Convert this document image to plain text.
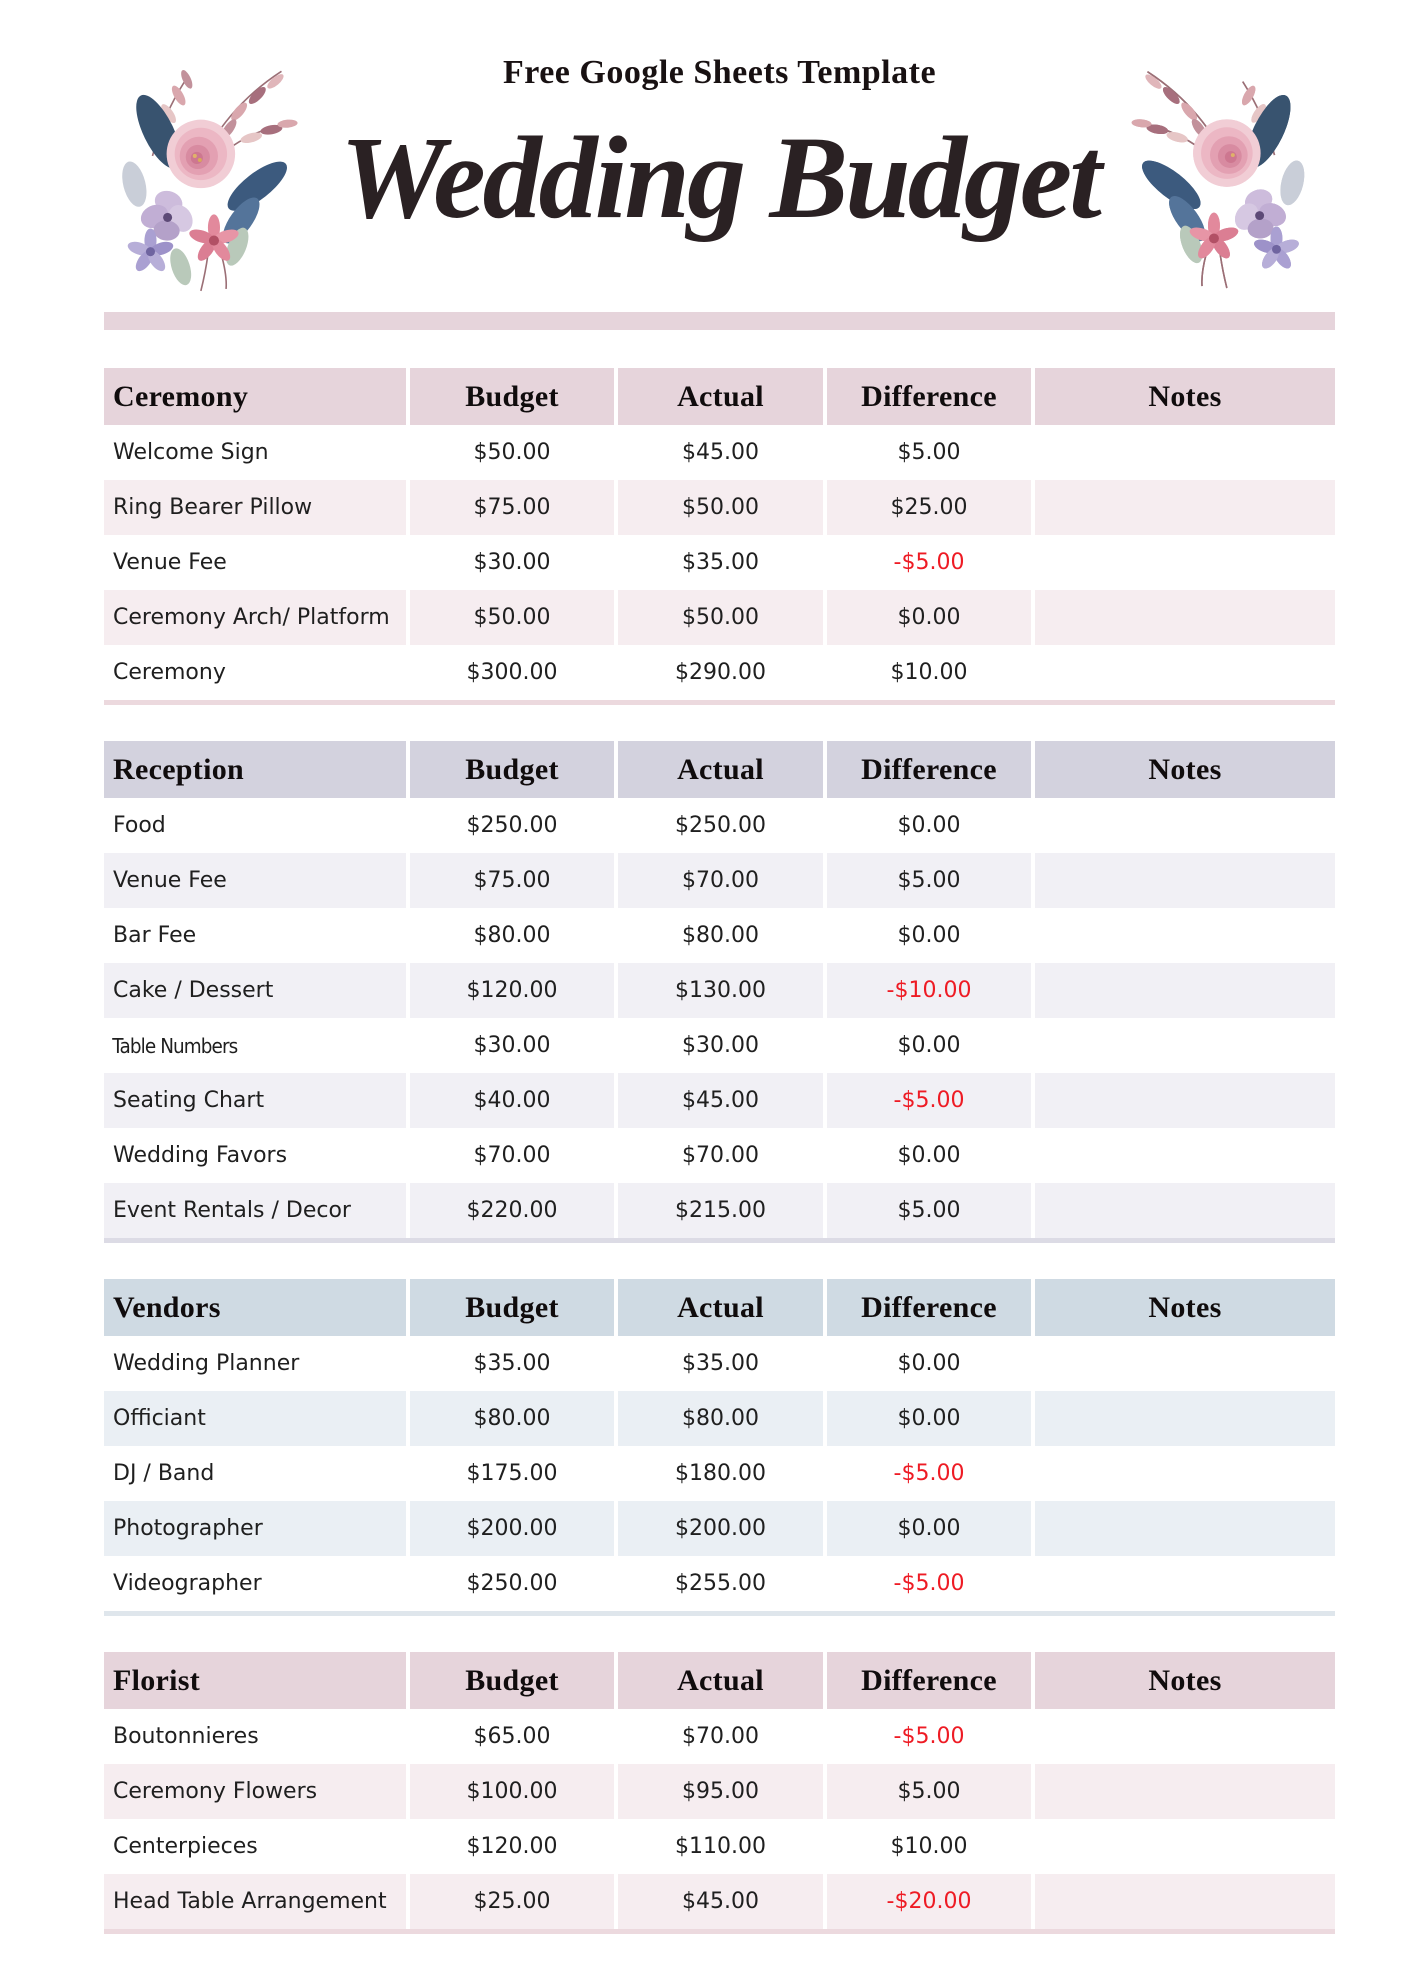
Free Google Sheets Template
Wedding Budget
Ceremony	Budget	Actual	Difference	Notes
Welcome Sign	$50.00	$45.00	$5.00
Ring Bearer Pillow	$75.00	$50.00	$25.00
Venue Fee	$30.00	$35.00	-$5.00
Ceremony Arch/ Platform	$50.00	$50.00	$0.00
Ceremony	$300.00	$290.00	$10.00
Reception	Budget	Actual	Difference	Notes
Food	$250.00	$250.00	$0.00
Venue Fee	$75.00	$70.00	$5.00
Bar Fee	$80.00	$80.00	$0.00
Cake / Dessert	$120.00	$130.00	-$10.00
Table Numbers	$30.00	$30.00	$0.00
Seating Chart	$40.00	$45.00	-$5.00
Wedding Favors	$70.00	$70.00	$0.00
Event Rentals / Decor	$220.00	$215.00	$5.00
Vendors	Budget	Actual	Difference	Notes
Wedding Planner	$35.00	$35.00	$0.00
Officiant	$80.00	$80.00	$0.00
DJ / Band	$175.00	$180.00	-$5.00
Photographer	$200.00	$200.00	$0.00
Videographer	$250.00	$255.00	-$5.00
Florist	Budget	Actual	Difference	Notes
Boutonnieres	$65.00	$70.00	-$5.00
Ceremony Flowers	$100.00	$95.00	$5.00
Centerpieces	$120.00	$110.00	$10.00
Head Table Arrangement	$25.00	$45.00	-$20.00
